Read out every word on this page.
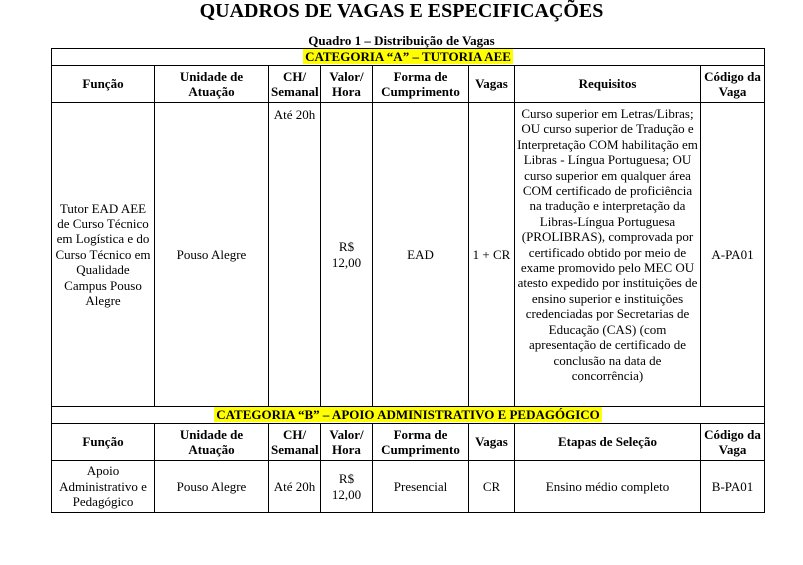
QUADROS DE VAGAS E ESPECIFICAÇÕES
Quadro 1 – Distribuição de Vagas
CATEGORIA “A” – TUTORIA AEE							
Função	Unidade de Atuação	CH/ Semanal	Valor/ Hora	Forma de Cumprimento	Vagas	Requisitos	Código da Vaga
Tutor EAD AEE de Curso Técnico em Logística e do Curso Técnico em Qualidade Campus Pouso Alegre	Pouso Alegre	Até 20h	R$ 12,00	EAD	1 + CR	Curso superior em Letras/Libras; OU curso superior de Tradução e Interpretação COM habilitação em Libras - Língua Portuguesa; OU curso superior em qualquer área COM certificado de proficiência na tradução e interpretação da Libras-Língua Portuguesa (PROLIBRAS), comprovada por certificado obtido por meio de exame promovido pelo MEC OU atesto expedido por instituições de ensino superior e instituições credenciadas por Secretarias de Educação (CAS) (com apresentação de certificado de conclusão na data de concorrência)	A-PA01
CATEGORIA “B” – APOIO ADMINISTRATIVO E PEDAGÓGICO							
Função	Unidade de Atuação	CH/ Semanal	Valor/ Hora	Forma de Cumprimento	Vagas	Etapas de Seleção	Código da Vaga
Apoio Administrativo e Pedagógico	Pouso Alegre	Até 20h	R$ 12,00	Presencial	CR	Ensino médio completo	B-PA01
